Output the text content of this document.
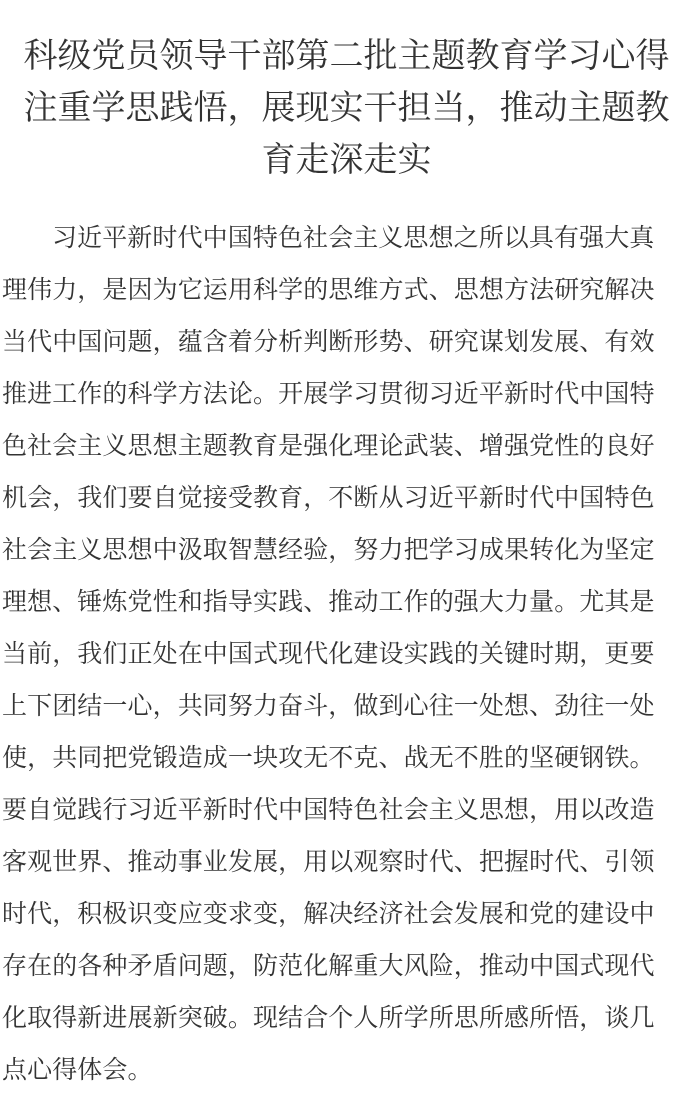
科级党员领导干部第二批主题教育学习心得
注重学思践悟，展现实干担当，推动主题教
育走深走实
习近平新时代中国特色社会主义思想之所以具有强大真
理伟力，是因为它运用科学的思维方式、思想方法研究解决
当代中国问题，蕴含着分析判断形势、研究谋划发展、有效
推进工作的科学方法论。开展学习贯彻习近平新时代中国特
色社会主义思想主题教育是强化理论武装、增强党性的良好
机会，我们要自觉接受教育，不断从习近平新时代中国特色
社会主义思想中汲取智慧经验，努力把学习成果转化为坚定
理想、锤炼党性和指导实践、推动工作的强大力量。尤其是
当前，我们正处在中国式现代化建设实践的关键时期，更要
上下团结一心，共同努力奋斗，做到心往一处想、劲往一处
使，共同把党锻造成一块攻无不克、战无不胜的坚硬钢铁。
要自觉践行习近平新时代中国特色社会主义思想，用以改造
客观世界、推动事业发展，用以观察时代、把握时代、引领
时代，积极识变应变求变，解决经济社会发展和党的建设中
存在的各种矛盾问题，防范化解重大风险，推动中国式现代
化取得新进展新突破。现结合个人所学所思所感所悟，谈几
点心得体会。
